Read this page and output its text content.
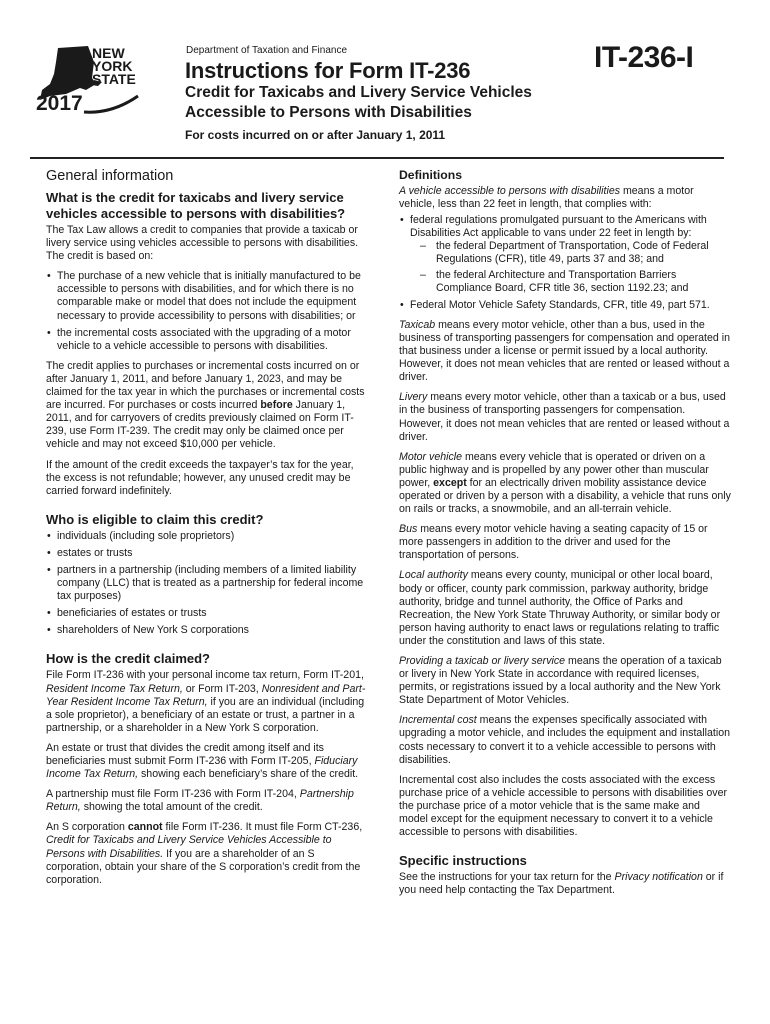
NEW
YORK
STATE
2017
Department of Taxation and Finance
Instructions for Form IT-236
Credit for Taxicabs and Livery Service Vehicles
Accessible to Persons with Disabilities
For costs incurred on or after January 1, 2011
IT-236-I
General information
What is the credit for taxicabs and livery service vehicles accessible to persons with disabilities?

The Tax Law allows a credit to companies that provide a taxicab or livery service using vehicles accessible to persons with disabilities. The credit is based on:

• The purchase of a new vehicle that is initially manufactured to be accessible to persons with disabilities, and for which there is no comparable make or model that does not include the equipment necessary to provide accessibility to persons with disabilities; or
• the incremental costs associated with the upgrading of a motor vehicle to a vehicle accessible to persons with disabilities.

The credit applies to purchases or incremental costs incurred on or after January 1, 2011, and before January 1, 2023, and may be claimed for the tax year in which the purchases or incremental costs are incurred. For purchases or costs incurred before January 1, 2011, and for carryovers of credits previously claimed on Form IT-239, use Form IT-239. The credit may only be claimed once per vehicle and may not exceed $10,000 per vehicle.

If the amount of the credit exceeds the taxpayer’s tax for the year, the excess is not refundable; however, any unused credit may be carried forward indefinitely.

Who is eligible to claim this credit?
• individuals (including sole proprietors)
• estates or trusts
• partners in a partnership (including members of a limited liability company (LLC) that is treated as a partnership for federal income tax purposes)
• beneficiaries of estates or trusts
• shareholders of New York S corporations
How is the credit claimed?

File Form IT-236 with your personal income tax return, Form IT-201, Resident Income Tax Return, or Form IT-203, Nonresident and Part-Year Resident Income Tax Return, if you are an individual (including a sole proprietor), a beneficiary of an estate or trust, a partner in a partnership, or a shareholder in a New York S corporation.

An estate or trust that divides the credit among itself and its beneficiaries must submit Form IT-236 with Form IT-205, Fiduciary Income Tax Return, showing each beneficiary’s share of the credit.

A partnership must file Form IT-236 with Form IT-204, Partnership Return, showing the total amount of the credit.

An S corporation cannot file Form IT-236. It must file Form CT-236, Credit for Taxicabs and Livery Service Vehicles Accessible to Persons with Disabilities. If you are a shareholder of an S corporation, obtain your share of the S corporation’s credit from the corporation.

Definitions

A vehicle accessible to persons with disabilities means a motor vehicle, less than 22 feet in length, that complies with:

• federal regulations promulgated pursuant to the Americans with Disabilities Act applicable to vans under 22 feet in length by:
– the federal Department of Transportation, Code of Federal Regulations (CFR), title 49, parts 37 and 38; and
– the federal Architecture and Transportation Barriers Compliance Board, CFR title 36, section 1192.23; and
• Federal Motor Vehicle Safety Standards, CFR, title 49, part 571.

Taxicab means every motor vehicle, other than a bus, used in the business of transporting passengers for compensation and operated in that business under a license or permit issued by a local authority. However, it does not mean vehicles that are rented or leased without a driver.

Livery means every motor vehicle, other than a taxicab or a bus, used in the business of transporting passengers for compensation. However, it does not mean vehicles that are rented or leased without a driver.

Motor vehicle means every vehicle that is operated or driven on a public highway and is propelled by any power other than muscular power, except for an electrically driven mobility assistance device operated or driven by a person with a disability, a vehicle that runs only on rails or tracks, a snowmobile, and an all-terrain vehicle.

Bus means every motor vehicle having a seating capacity of 15 or more passengers in addition to the driver and used for the transportation of persons.

Local authority means every county, municipal or other local board, body or officer, county park commission, parkway authority, bridge authority, bridge and tunnel authority, the Office of Parks and Recreation, the New York State Thruway Authority, or similar body or person having authority to enact laws or regulations relating to traffic under the constitution and laws of this state.

Providing a taxicab or livery service means the operation of a taxicab or livery in New York State in accordance with required licenses, permits, or registrations issued by a local authority and the New York State Department of Motor Vehicles.

Incremental cost means the expenses specifically associated with upgrading a motor vehicle, and includes the equipment and installation costs necessary to convert it to a vehicle accessible to persons with disabilities.

Incremental cost also includes the costs associated with the excess purchase price of a vehicle accessible to persons with disabilities over the purchase price of a motor vehicle that is the same make and model except for the equipment necessary to convert it to a vehicle accessible to persons with disabilities.

Specific instructions

See the instructions for your tax return for the Privacy notification or if you need help contacting the Tax Department.
